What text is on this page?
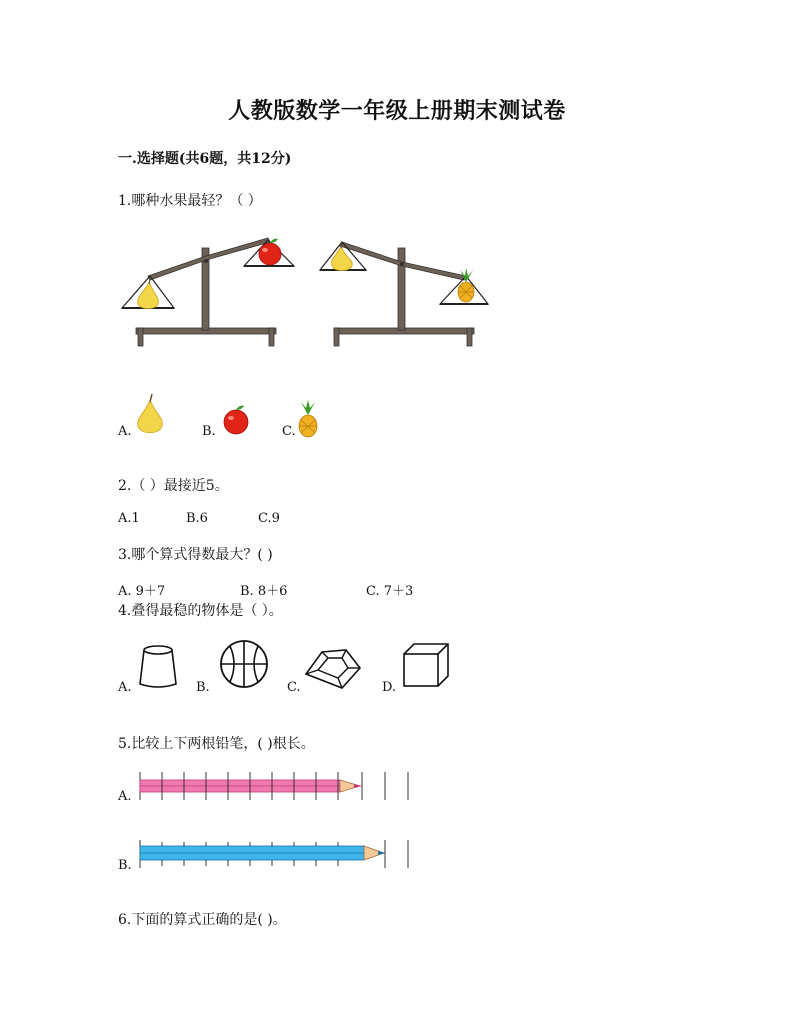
人教版数学一年级上册期末测试卷
一.选择题(共6题，共12分)
1.哪种水果最轻？（ ）
A.	B.	C.
2.（ ）最接近5。
A.1	B.6	C.9
3.哪个算式得数最大？( )
A. 9＋7	B. 8＋6	C. 7＋3
4.叠得最稳的物体是（ ）。
A.	B.	C.	D.
5.比较上下两根铅笔，( )根长。
A.
B.
6.下面的算式正确的是( )。
